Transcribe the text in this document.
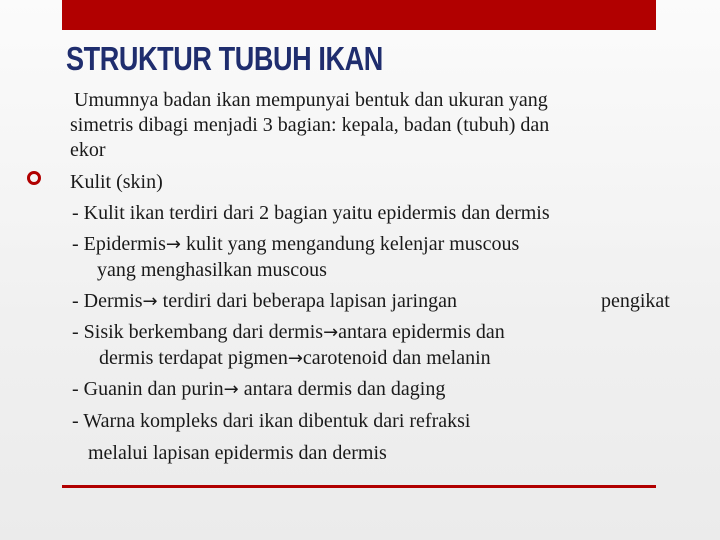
STRUKTUR TUBUH IKAN
Umumnya badan ikan mempunyai bentuk dan ukuran yang
simetris dibagi menjadi 3 bagian: kepala, badan (tubuh) dan
ekor
Kulit (skin)
- Kulit ikan terdiri dari 2 bagian yaitu epidermis dan dermis
- Epidermis→ kulit yang mengandung kelenjar muscous
yang menghasilkan muscous
- Dermis→ terdiri dari beberapa lapisan jaringan	pengikat
- Sisik berkembang dari dermis→antara epidermis dan
dermis terdapat pigmen→carotenoid dan melanin
- Guanin dan purin→ antara dermis dan daging
- Warna kompleks dari ikan dibentuk dari refraksi
melalui lapisan epidermis dan dermis
